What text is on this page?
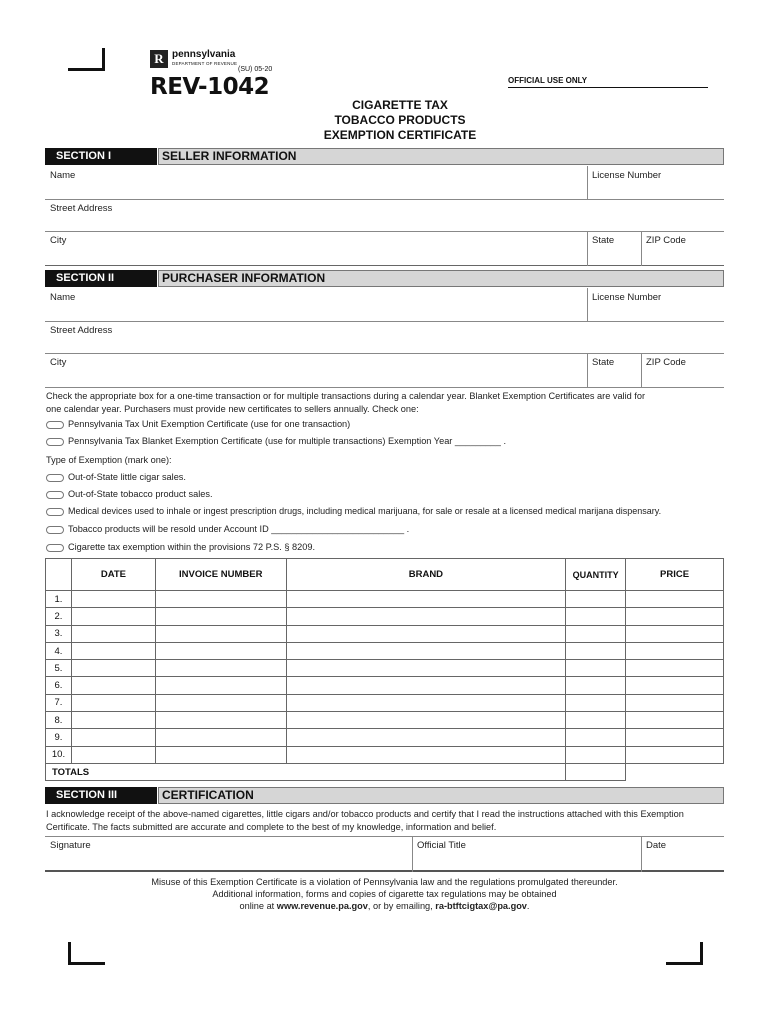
R pennsylvania
DEPARTMENT OF REVENUE
(SU) 05-20
REV-1042	OFFICIAL USE ONLY
CIGARETTE TAX
TOBACCO PRODUCTS
EXEMPTION CERTIFICATE
SECTION I	SELLER INFORMATION
Name	License Number
Street Address
City	State	ZIP Code
SECTION II	PURCHASER INFORMATION
Name	License Number
Street Address
City	State	ZIP Code
Check the appropriate box for a one-time transaction or for multiple transactions during a calendar year. Blanket Exemption Certificates are valid for
one calendar year. Purchasers must provide new certificates to sellers annually. Check one:
Pennsylvania Tax Unit Exemption Certificate (use for one transaction)
Pennsylvania Tax Blanket Exemption Certificate (use for multiple transactions) Exemption Year _________ .
Type of Exemption (mark one):
Out-of-State little cigar sales.
Out-of-State tobacco product sales.
Medical devices used to inhale or ingest prescription drugs, including medical marijuana, for sale or resale at a licensed medical marijana dispensary.
Tobacco products will be resold under Account ID __________________________ .
Cigarette tax exemption within the provisions 72 P.S. § 8209.
	DATE	INVOICE NUMBER	BRAND	QUANTITY	PRICE
1.					
2.					
3.					
4.					
5.					
6.					
7.					
8.					
9.					
10.					
TOTALS					
SECTION III	CERTIFICATION
I acknowledge receipt of the above-named cigarettes, little cigars and/or tobacco products and certify that I read the instructions attached with this Exemption
Certificate. The facts submitted are accurate and complete to the best of my knowledge, information and belief.
Signature	Official Title	Date
Misuse of this Exemption Certificate is a violation of Pennsylvania law and the regulations promulgated thereunder.
Additional information, forms and copies of cigarette tax regulations may be obtained
online at www.revenue.pa.gov, or by emailing, ra-btftcigtax@pa.gov.
